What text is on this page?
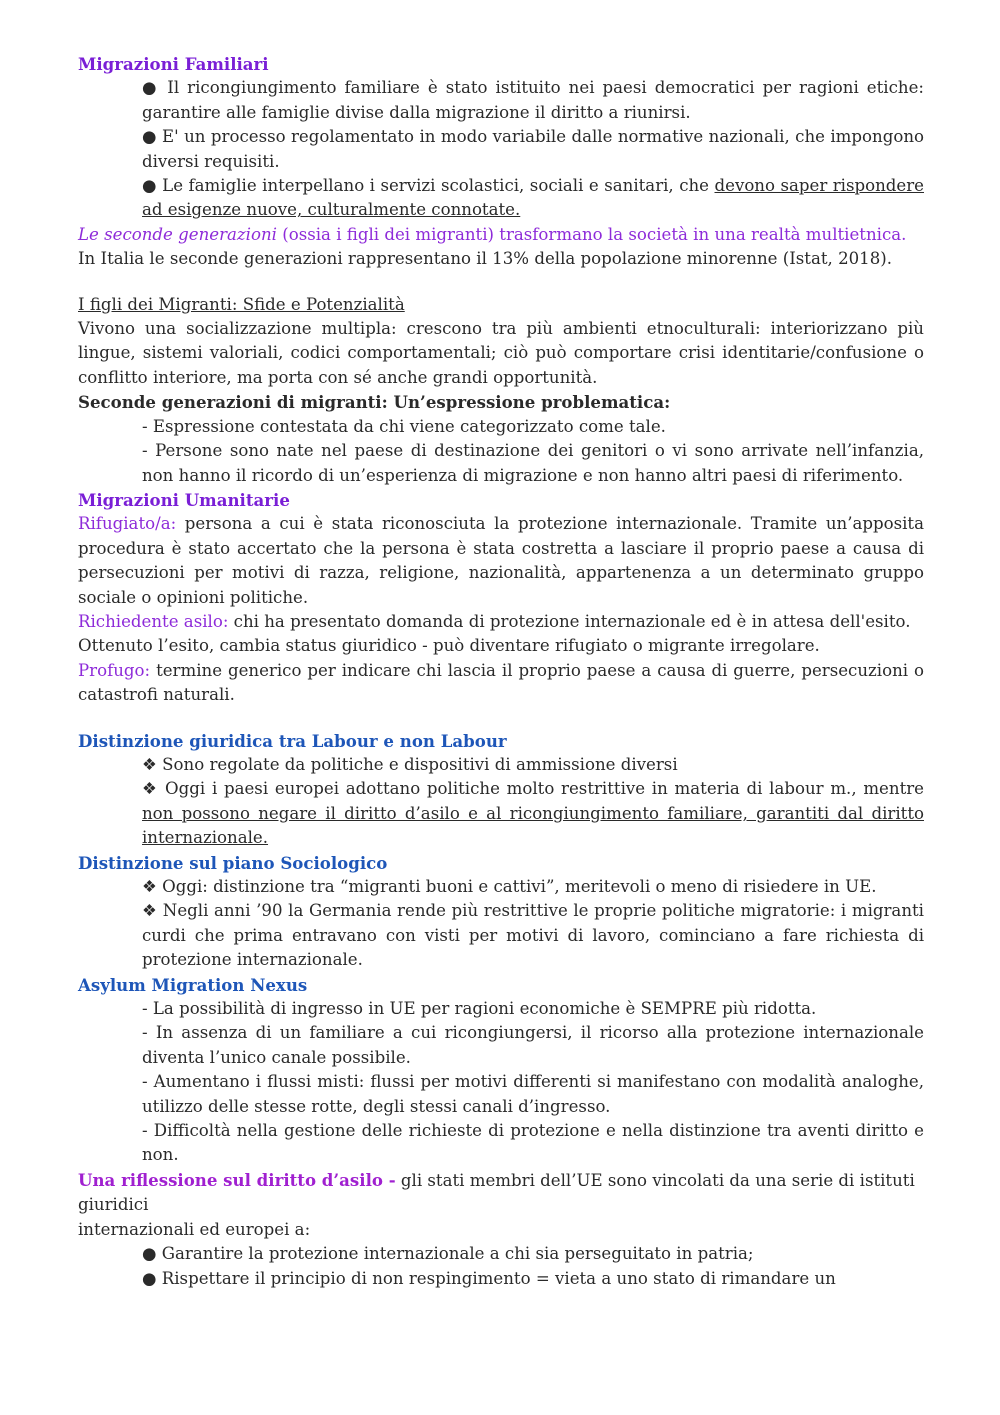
Migrazioni Familiari

● Il ricongiungimento familiare è stato istituito nei paesi democratici per ragioni etiche: garantire alle famiglie divise dalla migrazione il diritto a riunirsi.

● E' un processo regolamentato in modo variabile dalle normative nazionali, che impongono diversi requisiti.

● Le famiglie interpellano i servizi scolastici, sociali e sanitari, che devono saper rispondere ad esigenze nuove, culturalmente connotate.

Le seconde generazioni (ossia i figli dei migranti) trasformano la società in una realtà multietnica.

In Italia le seconde generazioni rappresentano il 13% della popolazione minorenne (Istat, 2018).

I figli dei Migranti: Sfide e Potenzialità

Vivono una socializzazione multipla: crescono tra più ambienti etnoculturali: interiorizzano più lingue, sistemi valoriali, codici comportamentali; ciò può comportare crisi identitarie/confusione o conflitto interiore, ma porta con sé anche grandi opportunità.

Seconde generazioni di migranti: Un’espressione problematica:

- Espressione contestata da chi viene categorizzato come tale.

- Persone sono nate nel paese di destinazione dei genitori o vi sono arrivate nell’infanzia, non hanno il ricordo di un’esperienza di migrazione e non hanno altri paesi di riferimento.

Migrazioni Umanitarie

Rifugiato/a: persona a cui è stata riconosciuta la protezione internazionale. Tramite un’apposita procedura è stato accertato che la persona è stata costretta a lasciare il proprio paese a causa di persecuzioni per motivi di razza, religione, nazionalità, appartenenza a un determinato gruppo sociale o opinioni politiche.

Richiedente asilo: chi ha presentato domanda di protezione internazionale ed è in attesa dell'esito.

Ottenuto l’esito, cambia status giuridico - può diventare rifugiato o migrante irregolare.

Profugo: termine generico per indicare chi lascia il proprio paese a causa di guerre, persecuzioni o catastrofi naturali.

Distinzione giuridica tra Labour e non Labour

❖ Sono regolate da politiche e dispositivi di ammissione diversi

❖ Oggi i paesi europei adottano politiche molto restrittive in materia di labour m., mentre non possono negare il diritto d’asilo e al ricongiungimento familiare, garantiti dal diritto internazionale.

Distinzione sul piano Sociologico

❖ Oggi: distinzione tra “migranti buoni e cattivi”, meritevoli o meno di risiedere in UE.

❖ Negli anni ’90 la Germania rende più restrittive le proprie politiche migratorie: i migranti curdi che prima entravano con visti per motivi di lavoro, cominciano a fare richiesta di protezione internazionale.

Asylum Migration Nexus

- La possibilità di ingresso in UE per ragioni economiche è SEMPRE più ridotta.

- In assenza di un familiare a cui ricongiungersi, il ricorso alla protezione internazionale diventa l’unico canale possibile.

- Aumentano i flussi misti: flussi per motivi differenti si manifestano con modalità analoghe, utilizzo delle stesse rotte, degli stessi canali d’ingresso.

- Difficoltà nella gestione delle richieste di protezione e nella distinzione tra aventi diritto e non.

Una riflessione sul diritto d’asilo - gli stati membri dell’UE sono vincolati da una serie di istituti giuridici

internazionali ed europei a:

● Garantire la protezione internazionale a chi sia perseguitato in patria;

● Rispettare il principio di non respingimento = vieta a uno stato di rimandare un
